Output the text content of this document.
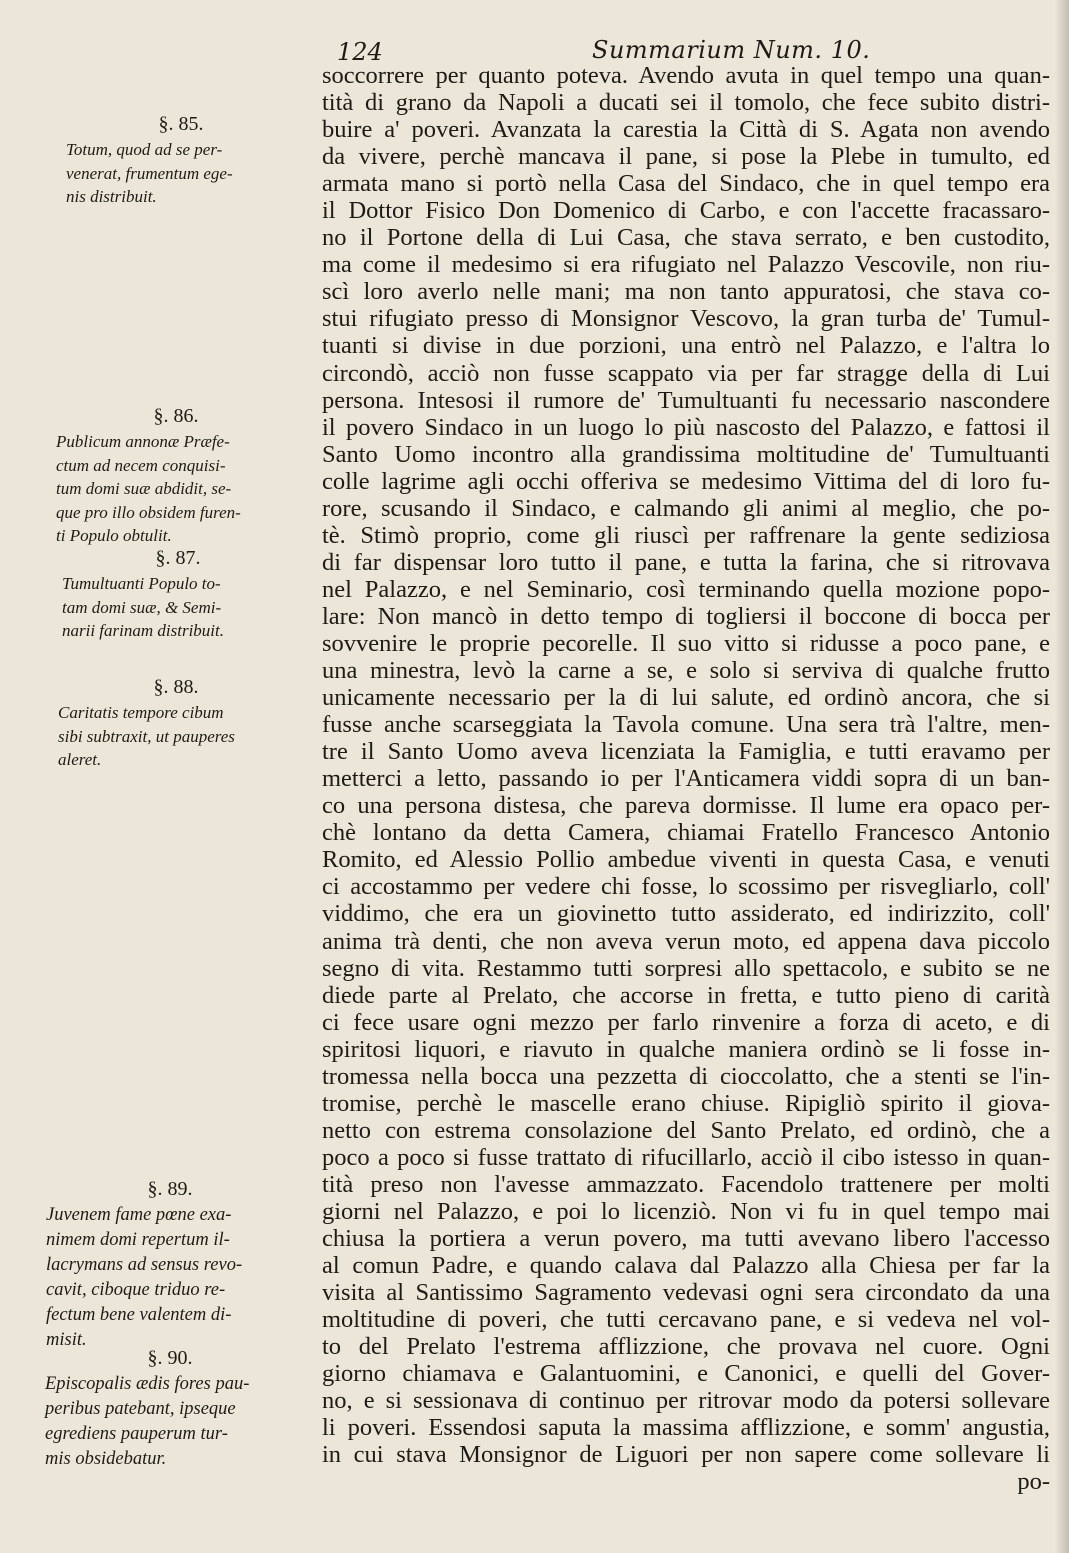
124	Summarium Num. 10.
§. 85.
Totum, quod ad se per-
venerat, frumentum ege-
nis distribuit.
§. 86.
Publicum annonæ Præfe-
ctum ad necem conquisi-
tum domi suæ abdidit, se-
que pro illo obsidem furen-
ti Populo obtulit.
§. 87.
Tumultuanti Populo to-
tam domi suæ, & Semi-
narii farinam distribuit.
§. 88.
Caritatis tempore cibum
sibi subtraxit, ut pauperes
aleret.
§. 89.
Juvenem fame pœne exa-
nimem domi repertum il-
lacrymans ad sensus revo-
cavit, ciboque triduo re-
fectum bene valentem di-
misit.
§. 90.
Episcopalis ædis fores pau-
peribus patebant, ipseque
egrediens pauperum tur-
mis obsidebatur.
soccorrere per quanto poteva. Avendo avuta in quel tempo una quan-
tità di grano da Napoli a ducati sei il tomolo, che fece subito distri-
buire a' poveri. Avanzata la carestia la Città di S. Agata non avendo
da vivere, perchè mancava il pane, si pose la Plebe in tumulto, ed
armata mano si portò nella Casa del Sindaco, che in quel tempo era
il Dottor Fisico Don Domenico di Carbo, e con l'accette fracassaro-
no il Portone della di Lui Casa, che stava serrato, e ben custodito,
ma come il medesimo si era rifugiato nel Palazzo Vescovile, non riu-
scì loro averlo nelle mani; ma non tanto appuratosi, che stava co-
stui rifugiato presso di Monsignor Vescovo, la gran turba de' Tumul-
tuanti si divise in due porzioni, una entrò nel Palazzo, e l'altra lo
circondò, acciò non fusse scappato via per far stragge della di Lui
persona. Intesosi il rumore de' Tumultuanti fu necessario nascondere
il povero Sindaco in un luogo lo più nascosto del Palazzo, e fattosi il
Santo Uomo incontro alla grandissima moltitudine de' Tumultuanti
colle lagrime agli occhi offeriva se medesimo Vittima del di loro fu-
rore, scusando il Sindaco, e calmando gli animi al meglio, che po-
tè. Stimò proprio, come gli riuscì per raffrenare la gente sediziosa
di far dispensar loro tutto il pane, e tutta la farina, che si ritrovava
nel Palazzo, e nel Seminario, così terminando quella mozione popo-
lare: Non mancò in detto tempo di togliersi il boccone di bocca per
sovvenire le proprie pecorelle. Il suo vitto si ridusse a poco pane, e
una minestra, levò la carne a se, e solo si serviva di qualche frutto
unicamente necessario per la di lui salute, ed ordinò ancora, che si
fusse anche scarseggiata la Tavola comune. Una sera trà l'altre, men-
tre il Santo Uomo aveva licenziata la Famiglia, e tutti eravamo per
metterci a letto, passando io per l'Anticamera viddi sopra di un ban-
co una persona distesa, che pareva dormisse. Il lume era opaco per-
chè lontano da detta Camera, chiamai Fratello Francesco Antonio
Romito, ed Alessio Pollio ambedue viventi in questa Casa, e venuti
ci accostammo per vedere chi fosse, lo scossimo per risvegliarlo, coll'
viddimo, che era un giovinetto tutto assiderato, ed indirizzito, coll'
anima trà denti, che non aveva verun moto, ed appena dava piccolo
segno di vita. Restammo tutti sorpresi allo spettacolo, e subito se ne
diede parte al Prelato, che accorse in fretta, e tutto pieno di carità
ci fece usare ogni mezzo per farlo rinvenire a forza di aceto, e di
spiritosi liquori, e riavuto in qualche maniera ordinò se li fosse in-
tromessa nella bocca una pezzetta di cioccolatto, che a stenti se l'in-
tromise, perchè le mascelle erano chiuse. Ripigliò spirito il giova-
netto con estrema consolazione del Santo Prelato, ed ordinò, che a
poco a poco si fusse trattato di rifucillarlo, acciò il cibo istesso in quan-
tità preso non l'avesse ammazzato. Facendolo trattenere per molti
giorni nel Palazzo, e poi lo licenziò. Non vi fu in quel tempo mai
chiusa la portiera a verun povero, ma tutti avevano libero l'accesso
al comun Padre, e quando calava dal Palazzo alla Chiesa per far la
visita al Santissimo Sagramento vedevasi ogni sera circondato da una
moltitudine di poveri, che tutti cercavano pane, e si vedeva nel vol-
to del Prelato l'estrema afflizzione, che provava nel cuore. Ogni
giorno chiamava e Galantuomini, e Canonici, e quelli del Gover-
no, e si sessionava di continuo per ritrovar modo da potersi sollevare
li poveri. Essendosi saputa la massima afflizzione, e somm' angustia,
in cui stava Monsignor de Liguori per non sapere come sollevare li
po-
